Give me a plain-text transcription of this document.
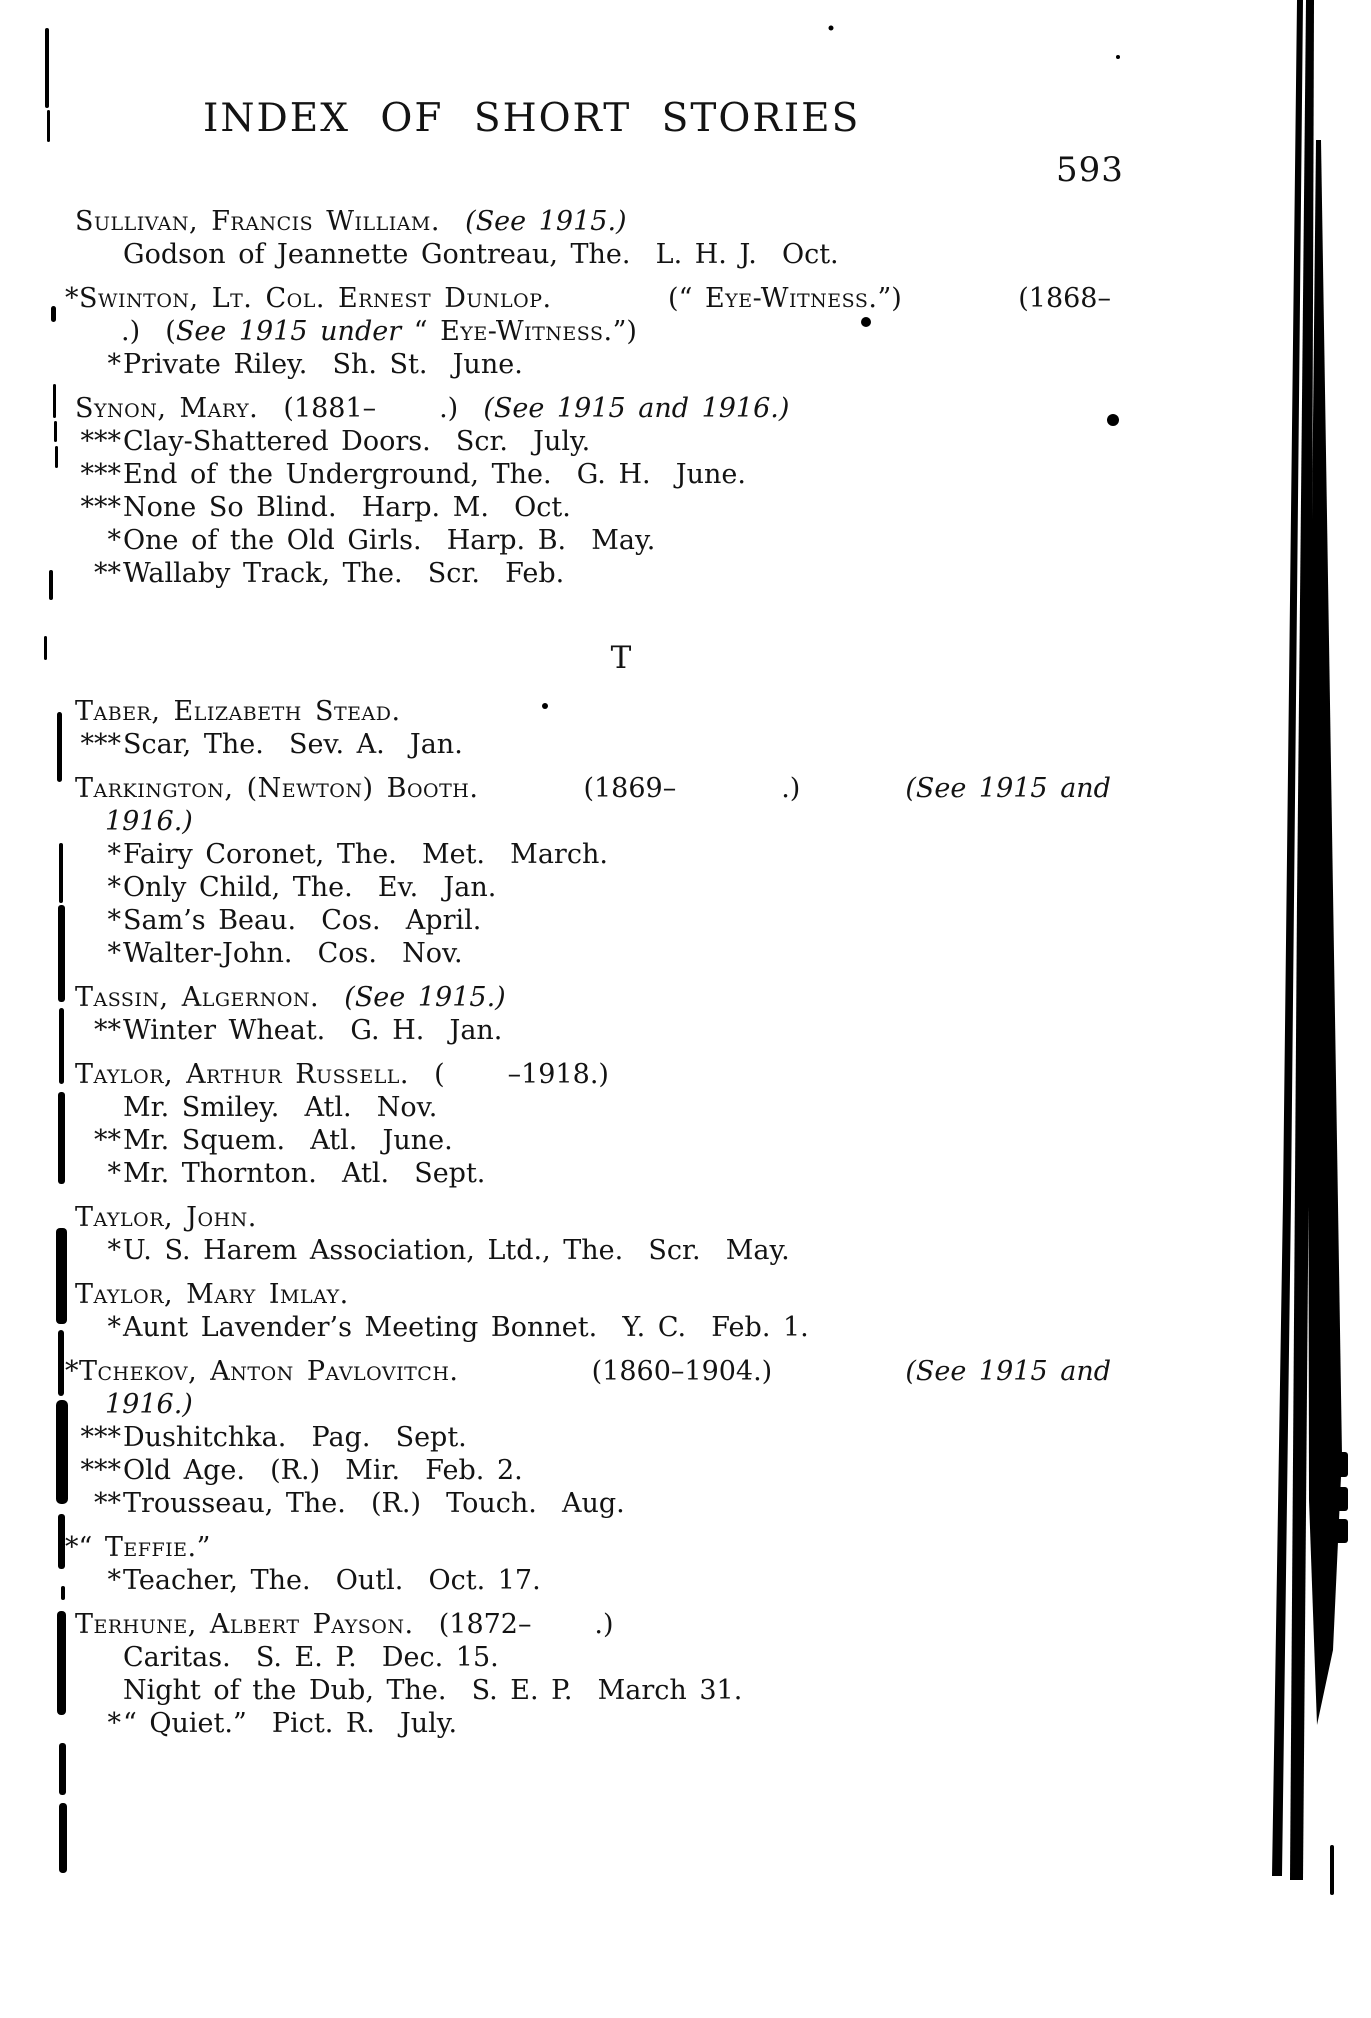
593
INDEX OF SHORT STORIES
Sullivan, Francis William. (See 1915.)
Godson of Jeannette Gontreau, The.  L. H. J.  Oct.
*Swinton, Lt. Col. Ernest Dunlop.	(“ Eye-Witness.”)	(1868–
.)  (See 1915 under “ Eye-Witness.”)
* Private Riley.  Sh. St.  June.
Synon, Mary.  (1881–     .)  (See 1915 and 1916.)
*** Clay-Shattered Doors.  Scr.  July.
*** End of the Underground, The.  G. H.  June.
*** None So Blind.  Harp. M.  Oct.
* One of the Old Girls.  Harp. B.  May.
** Wallaby Track, The.  Scr.  Feb.
T
Taber, Elizabeth Stead.
*** Scar, The.  Sev. A.  Jan.
Tarkington, (Newton) Booth.	(1869–	.)	(See 1915 and
1916.)
* Fairy Coronet, The.  Met.  March.
* Only Child, The.  Ev.  Jan.
* Sam’s Beau.  Cos.  April.
* Walter-John.  Cos.  Nov.
Tassin, Algernon. (See 1915.)
** Winter Wheat.  G. H.  Jan.
Taylor, Arthur Russell.  (     –1918.)
Mr. Smiley.  Atl.  Nov.
** Mr. Squem.  Atl.  June.
* Mr. Thornton.  Atl.  Sept.
Taylor, John.
* U. S. Harem Association, Ltd., The.  Scr.  May.
Taylor, Mary Imlay.
* Aunt Lavender’s Meeting Bonnet.  Y. C.  Feb. 1.
*Tchekov, Anton Pavlovitch.	(1860–1904.)	(See 1915 and
1916.)
*** Dushitchka.  Pag.  Sept.
*** Old Age.  (R.)  Mir.  Feb. 2.
** Trousseau, The.  (R.)  Touch.  Aug.
*“ Teffie.”
* Teacher, The.  Outl.  Oct. 17.
Terhune, Albert Payson.  (1872–     .)
Caritas.  S. E. P.  Dec. 15.
Night of the Dub, The.  S. E. P.  March 31.
* “ Quiet.”  Pict. R.  July.
